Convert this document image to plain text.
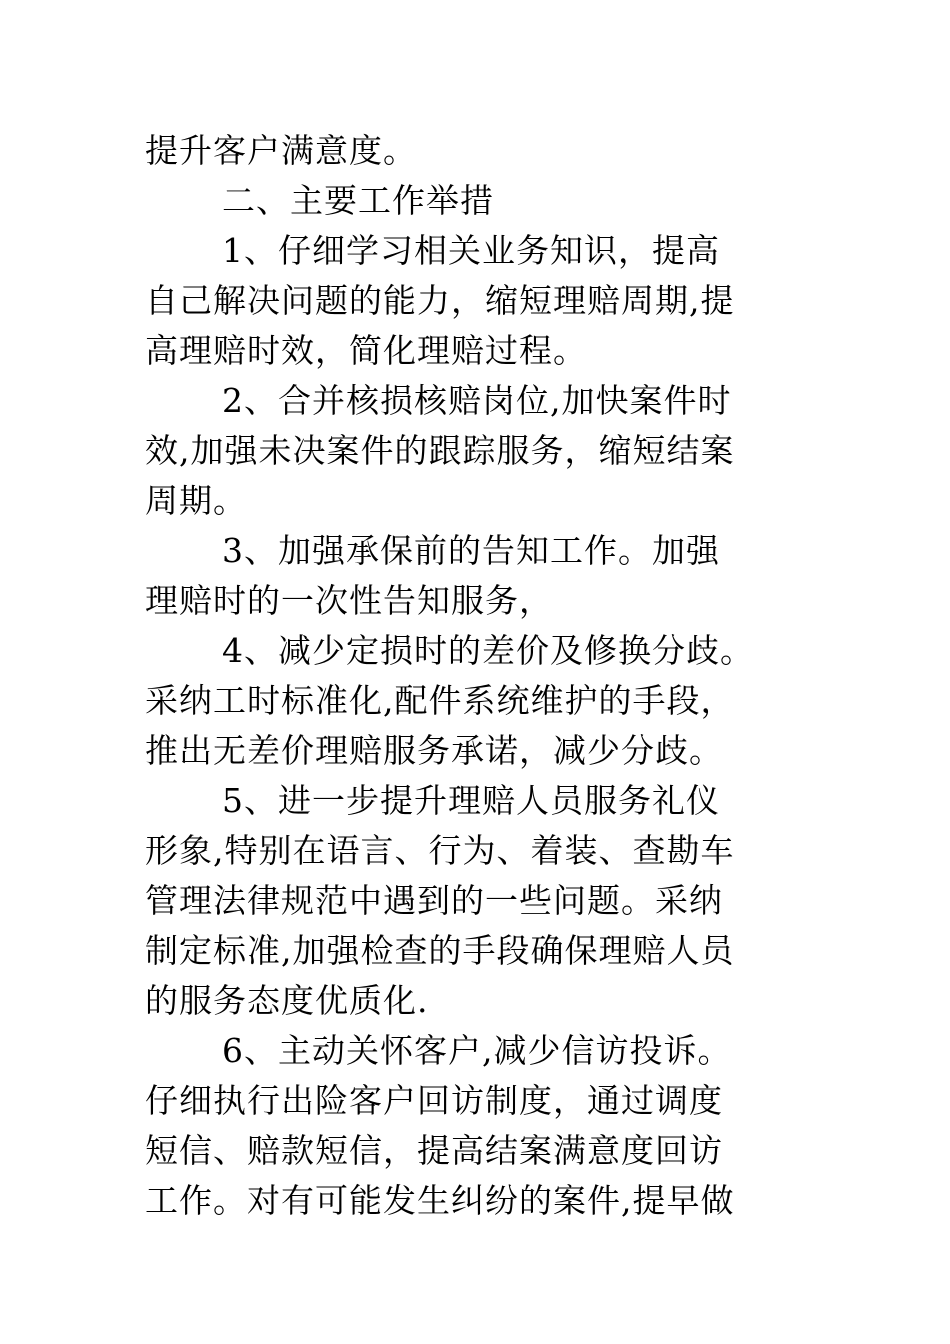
提升客户满意度。
二、主要工作举措
1、仔细学习相关业务知识，提高
自己解决问题的能力，缩短理赔周期,提
高理赔时效，简化理赔过程。
2、合并核损核赔岗位,加快案件时
效,加强未决案件的跟踪服务，缩短结案
周期。
3、加强承保前的告知工作。加强
理赔时的一次性告知服务，
4、减少定损时的差价及修换分歧。
采纳工时标准化,配件系统维护的手段，
推出无差价理赔服务承诺，减少分歧。
5、进一步提升理赔人员服务礼仪
形象,特别在语言、行为、着装、查勘车
管理法律规范中遇到的一些问题。采纳
制定标准,加强检查的手段确保理赔人员
的服务态度优质化.
6、主动关怀客户,减少信访投诉。
仔细执行出险客户回访制度，通过调度
短信、赔款短信，提高结案满意度回访
工作。对有可能发生纠纷的案件,提早做
